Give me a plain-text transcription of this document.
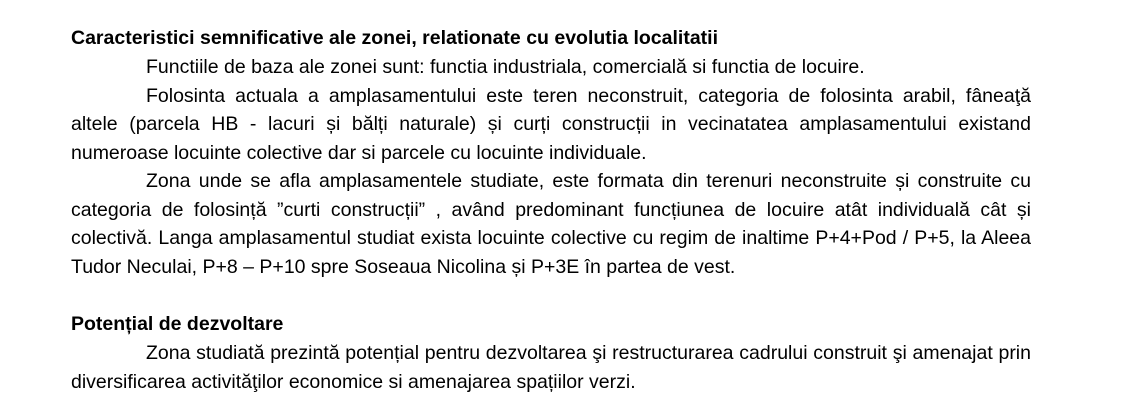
Caracteristici semnificative ale zonei, relationate cu evolutia localitatii

Functiile de baza ale zonei sunt: functia industriala, comercială si functia de locuire.

Folosinta actuala a amplasamentului este teren neconstruit, categoria de folosinta arabil, fâneaţă altele (parcela HB - lacuri și bălți naturale) și curți construcții in vecinatatea amplasamentului existand numeroase locuinte colective dar si parcele cu locuinte individuale.

Zona unde se afla amplasamentele studiate, este formata din terenuri neconstruite și construite cu categoria de folosință ”curti construcții” , având predominant funcțiunea de locuire atât individuală cât și colectivă. Langa amplasamentul studiat exista locuinte colective cu regim de inaltime P+4+Pod / P+5, la Aleea Tudor Neculai, P+8 – P+10 spre Soseaua Nicolina și P+3E în partea de vest.

Potențial de dezvoltare

Zona studiată prezintă potențial pentru dezvoltarea şi restructurarea cadrului construit şi amenajat prin diversificarea activităţilor economice si amenajarea spațiilor verzi.
